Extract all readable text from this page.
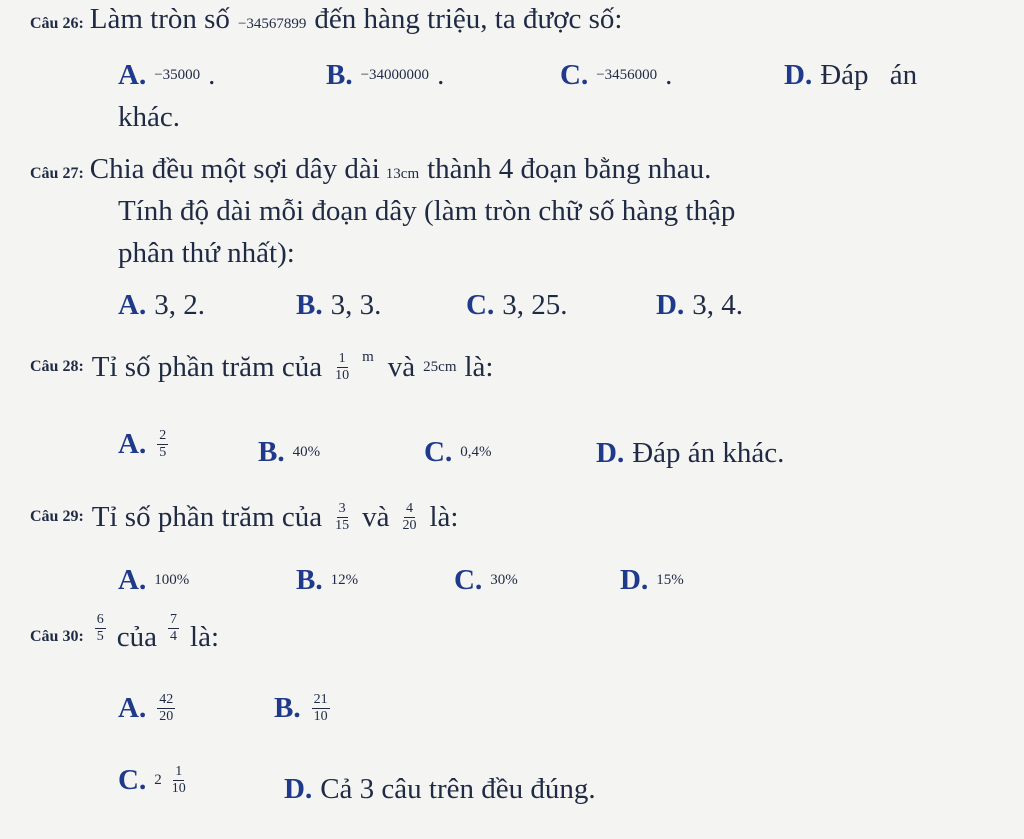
Câu 26: Làm tròn số −34567899 đến hàng triệu, ta được số:
A. −35000 .	B. −34000000 .	C. −3456000 .	D. Đáp án
khác.
Câu 27: Chia đều một sợi dây dài 13cm thành 4 đoạn bằng nhau.
Tính độ dài mỗi đoạn dây (làm tròn chữ số hàng thập
phân thứ nhất):
A. 3, 2.	B. 3, 3.	C. 3, 25.	D. 3, 4.
Câu 28: Tỉ số phần trăm của $\frac{1}{10}$ m và 25cm là:
A. $\frac{2}{5}$	B. 40%	C. 0,4%	D. Đáp án khác.
Câu 29: Tỉ số phần trăm của $\frac{3}{15}$ và $\frac{4}{20}$ là:
A. 100%	B. 12%	C. 30%	D. 15%
Câu 30: $\frac{6}{5}$ của $\frac{7}{4}$ là:
A. $\frac{42}{20}$	B. $\frac{21}{10}$
C. $2 \frac{1}{10}$	D. Cả 3 câu trên đều đúng.
